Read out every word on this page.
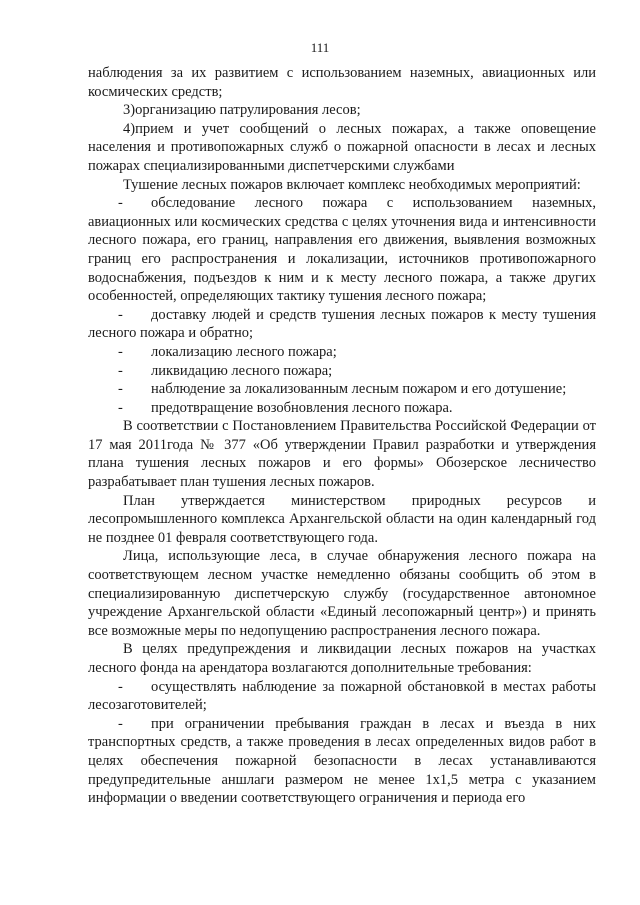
111

наблюдения за их развитием с использованием наземных, авиационных или космических средств;

3)организацию патрулирования лесов;

4)прием и учет сообщений о лесных пожарах, а также оповещение населения и противопожарных служб о пожарной опасности в лесах и лесных пожарах специализированными диспетчерскими службами

Тушение лесных пожаров включает комплекс необходимых мероприятий:

- обследование лесного пожара с использованием наземных, авиационных или космических средства с целях уточнения вида и интенсивности лесного пожара, его границ, направления его движения, выявления возможных границ его распространения и локализации, источников противопожарного водоснабжения, подъездов к ним и к месту лесного пожара, а также других особенностей, определяющих тактику тушения лесного пожара;

- доставку людей и средств тушения лесных пожаров к месту тушения лесного пожара и обратно;

- локализацию лесного пожара;

- ликвидацию лесного пожара;

- наблюдение за локализованным лесным пожаром и его дотушение;

- предотвращение возобновления лесного пожара.

В соответствии с Постановлением Правительства Российской Федерации от 17 мая 2011года № 377 «Об утверждении Правил разработки и утверждения плана тушения лесных пожаров и его формы» Обозерское лесничество разрабатывает план тушения лесных пожаров.

План утверждается министерством природных ресурсов и лесопромышленного комплекса Архангельской области на один календарный год не позднее 01 февраля соответствующего года.

Лица, использующие леса, в случае обнаружения лесного пожара на соответствующем лесном участке немедленно обязаны сообщить об этом в специализированную диспетчерскую службу (государственное автономное учреждение Архангельской области «Единый лесопожарный центр») и принять все возможные меры по недопущению распространения лесного пожара.

В целях предупреждения и ликвидации лесных пожаров на участках лесного фонда на арендатора возлагаются дополнительные требования:

- осуществлять наблюдение за пожарной обстановкой в местах работы лесозаготовителей;

- при ограничении пребывания граждан в лесах и въезда в них транспортных средств, а также проведения в лесах определенных видов работ в целях обеспечения пожарной безопасности в лесах устанавливаются предупредительные аншлаги размером не менее 1x1,5 метра с указанием информации о введении соответствующего ограничения и периода его
